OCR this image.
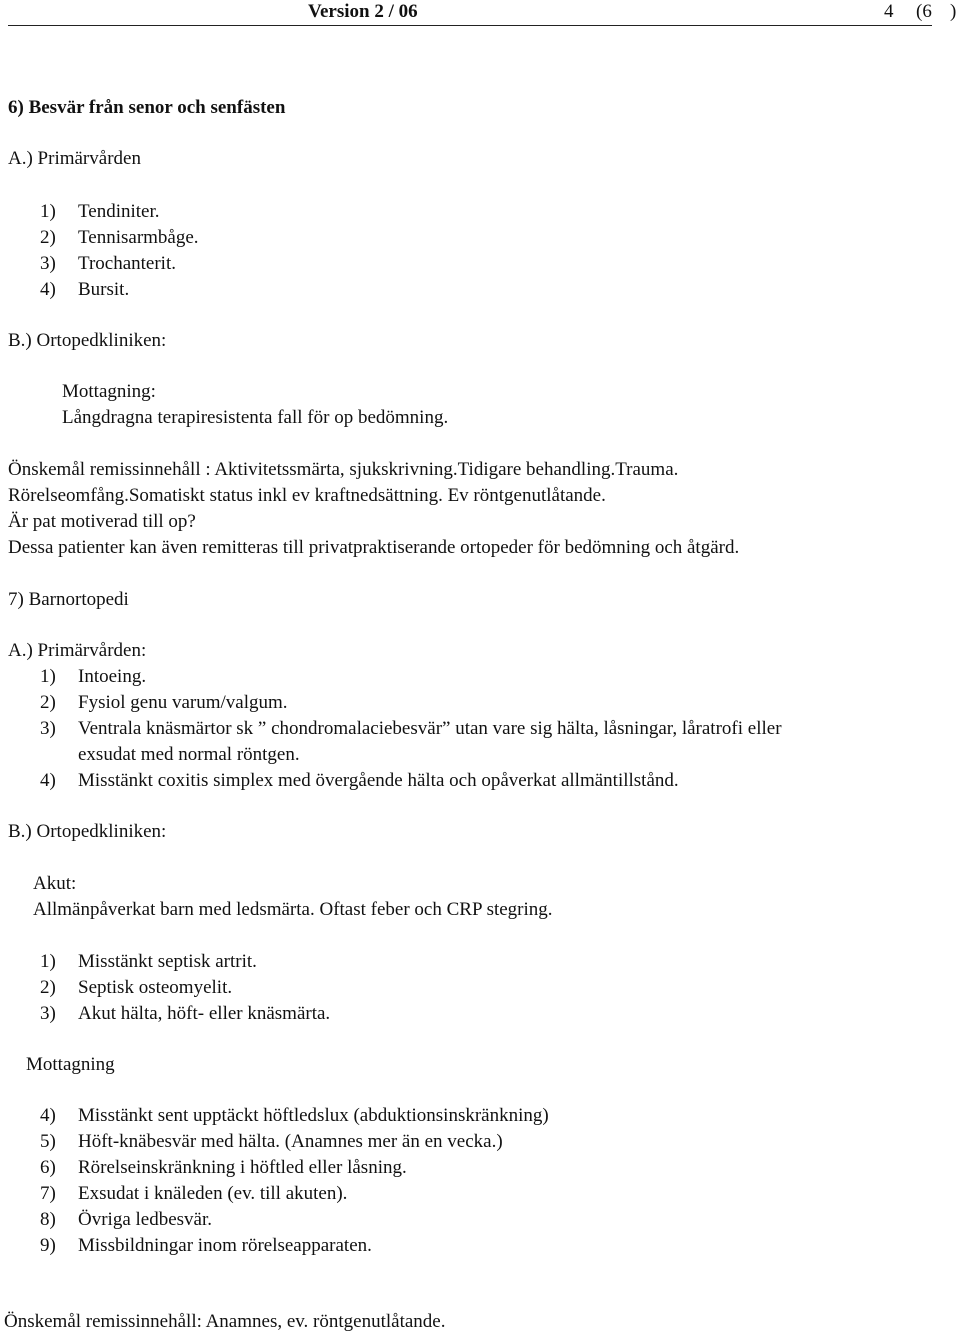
Version 2 / 06	4 (6 )
6) Besvär från senor och senfästen
A.) Primärvården
1) Tendiniter.
2) Tennisarmbåge.
3) Trochanterit.
4) Bursit.
B.) Ortopedkliniken:
Mottagning:
Långdragna terapiresistenta fall för op bedömning.
Önskemål remissinnehåll : Aktivitetssmärta, sjukskrivning.Tidigare behandling.Trauma.
Rörelseomfång.Somatiskt status inkl ev kraftnedsättning. Ev röntgenutlåtande.
Är pat motiverad till op?
Dessa patienter kan även remitteras till privatpraktiserande ortopeder för bedömning och åtgärd.
7) Barnortopedi
A.) Primärvården:
1) Intoeing.
2) Fysiol genu varum/valgum.
3) Ventrala knäsmärtor sk ” chondromalaciebesvär” utan vare sig hälta, låsningar, låratrofi eller
exsudat med normal röntgen.
4) Misstänkt coxitis simplex med övergående hälta och opåverkat allmäntillstånd.
B.) Ortopedkliniken:
Akut:
Allmänpåverkat barn med ledsmärta. Oftast feber och CRP stegring.
1) Misstänkt septisk artrit.
2) Septisk osteomyelit.
3) Akut hälta, höft- eller knäsmärta.
Mottagning
4) Misstänkt sent upptäckt höftledslux (abduktionsinskränkning)
5) Höft-knäbesvär med hälta. (Anamnes mer än en vecka.)
6) Rörelseinskränkning i höftled eller låsning.
7) Exsudat i knäleden (ev. till akuten).
8) Övriga ledbesvär.
9) Missbildningar inom rörelseapparaten.
Önskemål remissinnehåll: Anamnes, ev. röntgenutlåtande.
